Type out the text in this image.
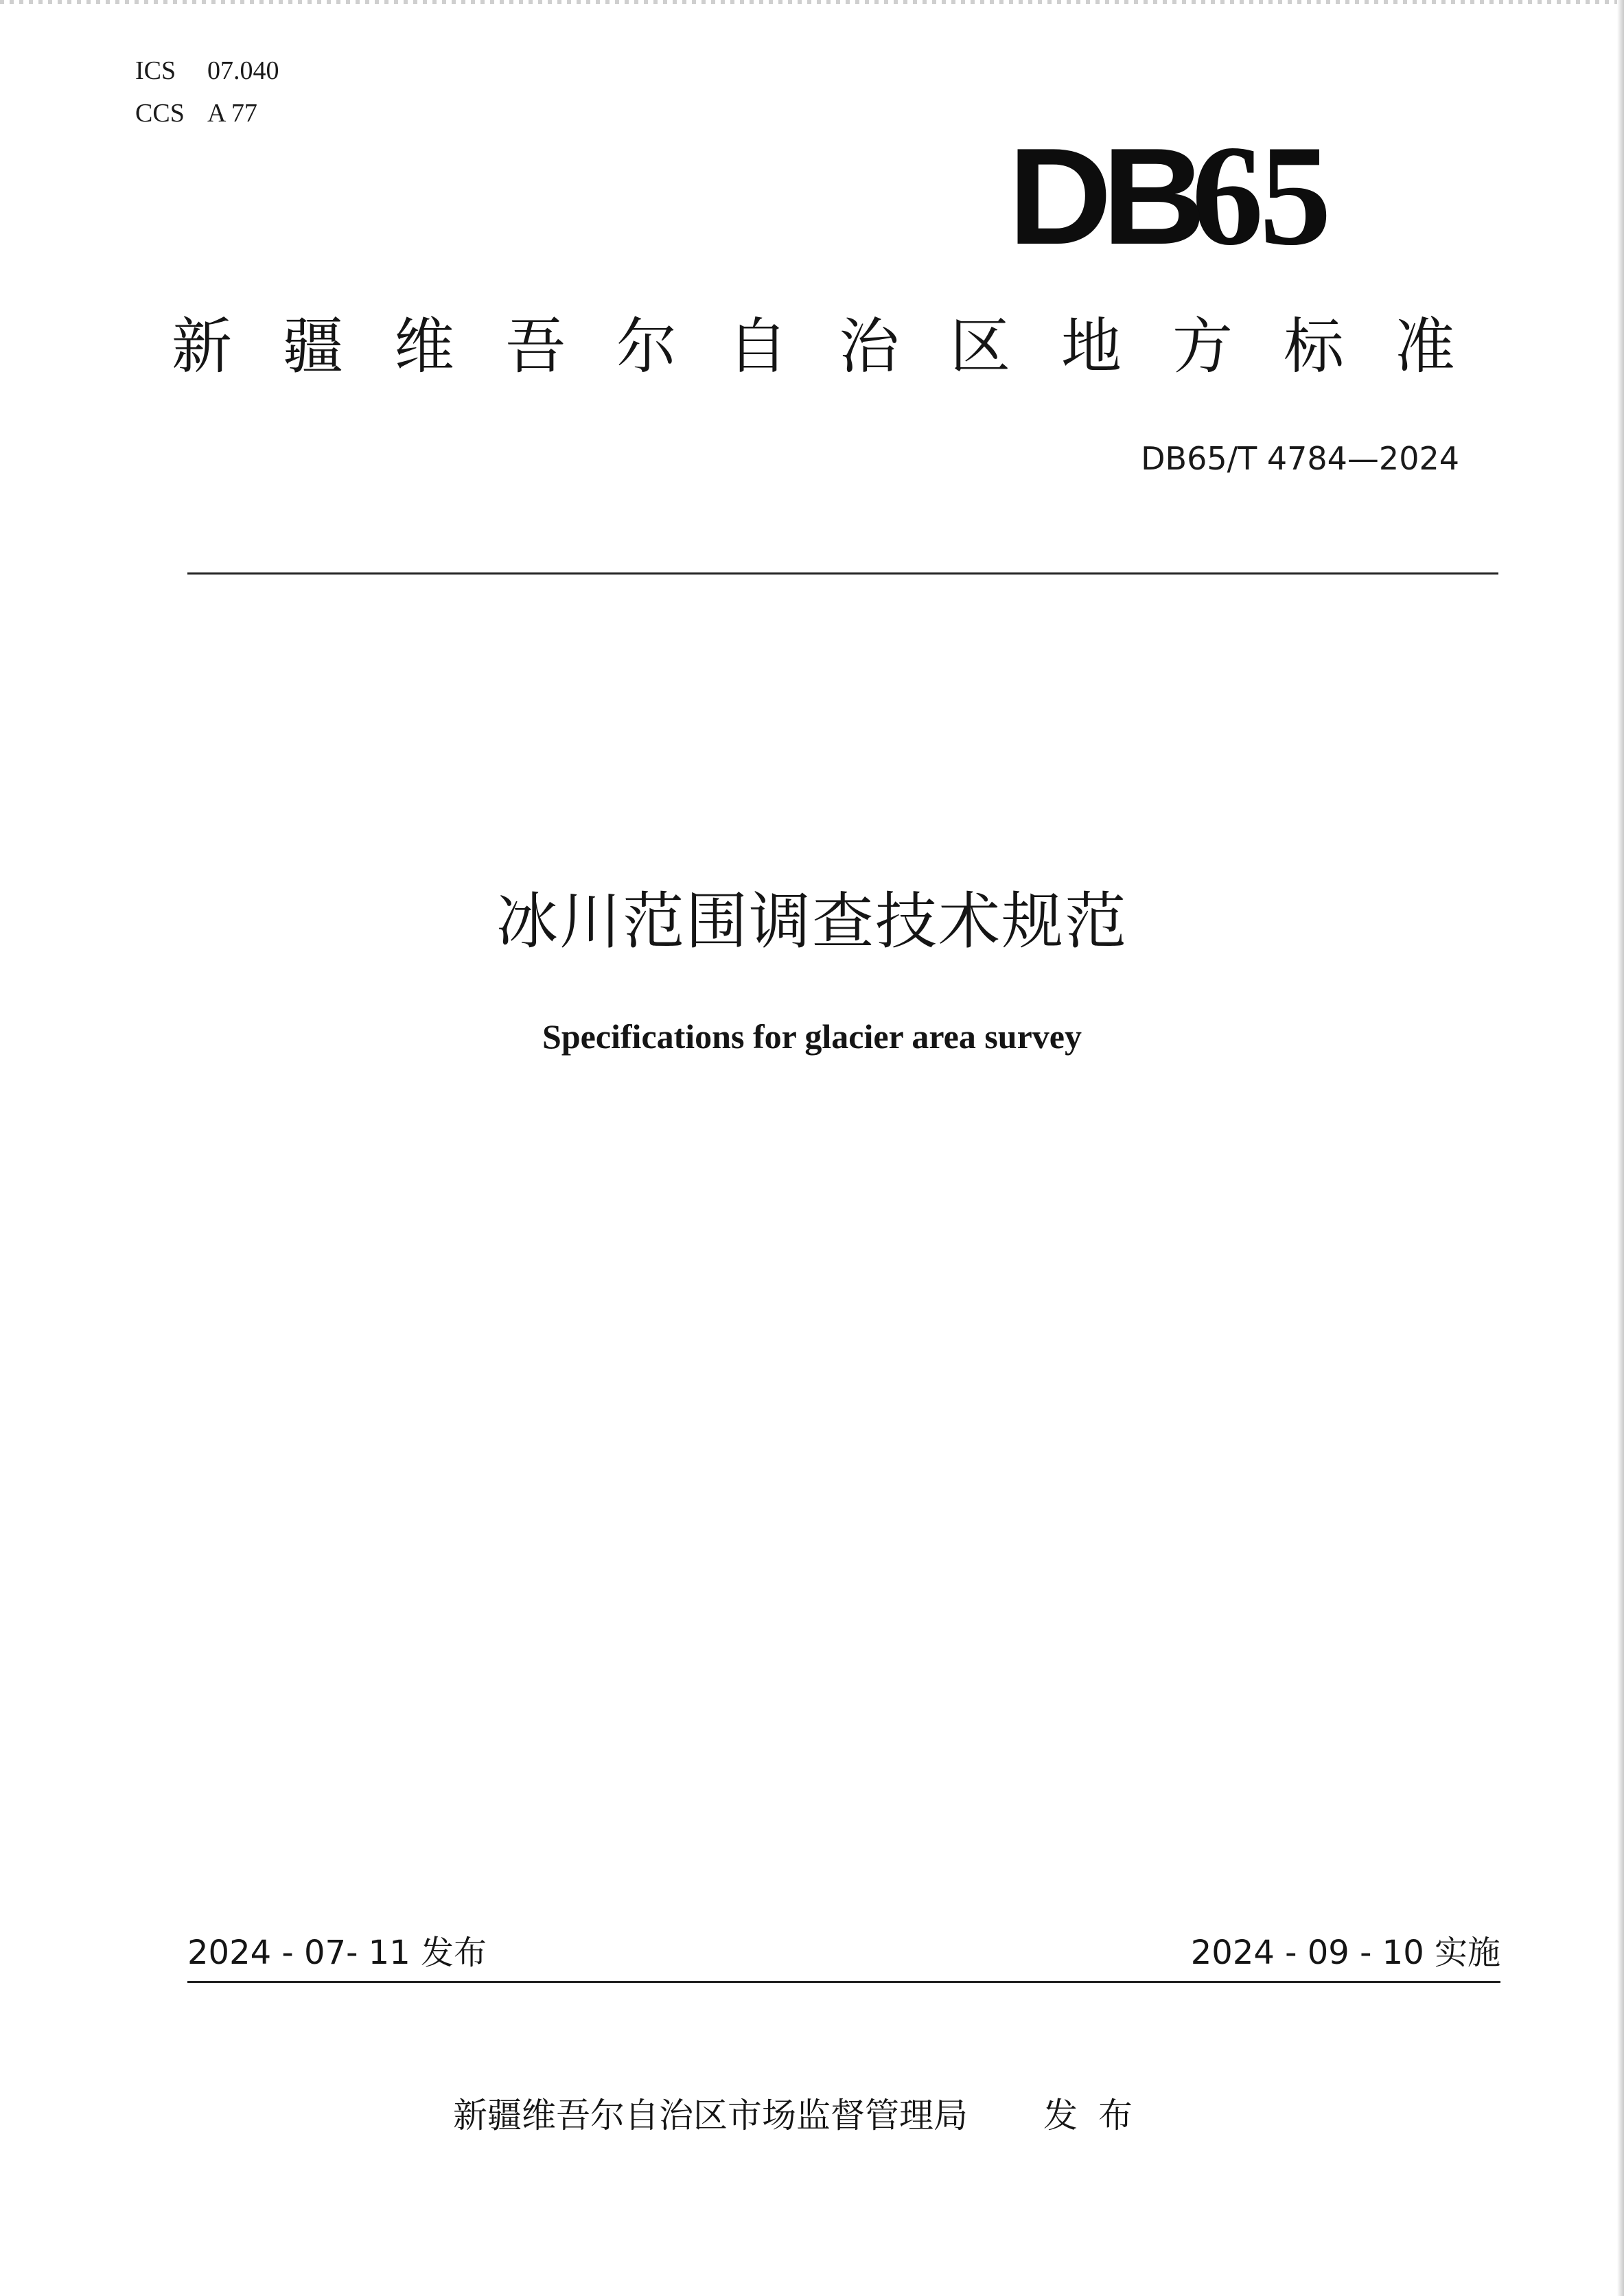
ICS 07.040
CCS A 77
DB65
新疆维吾尔自治区地方标准
DB65/T 4784—2024
冰川范围调查技术规范
Specifications for glacier area survey
2024 - 07- 11 发布	2024 - 09 - 10 实施
新疆维吾尔自治区市场监督管理局 发布
